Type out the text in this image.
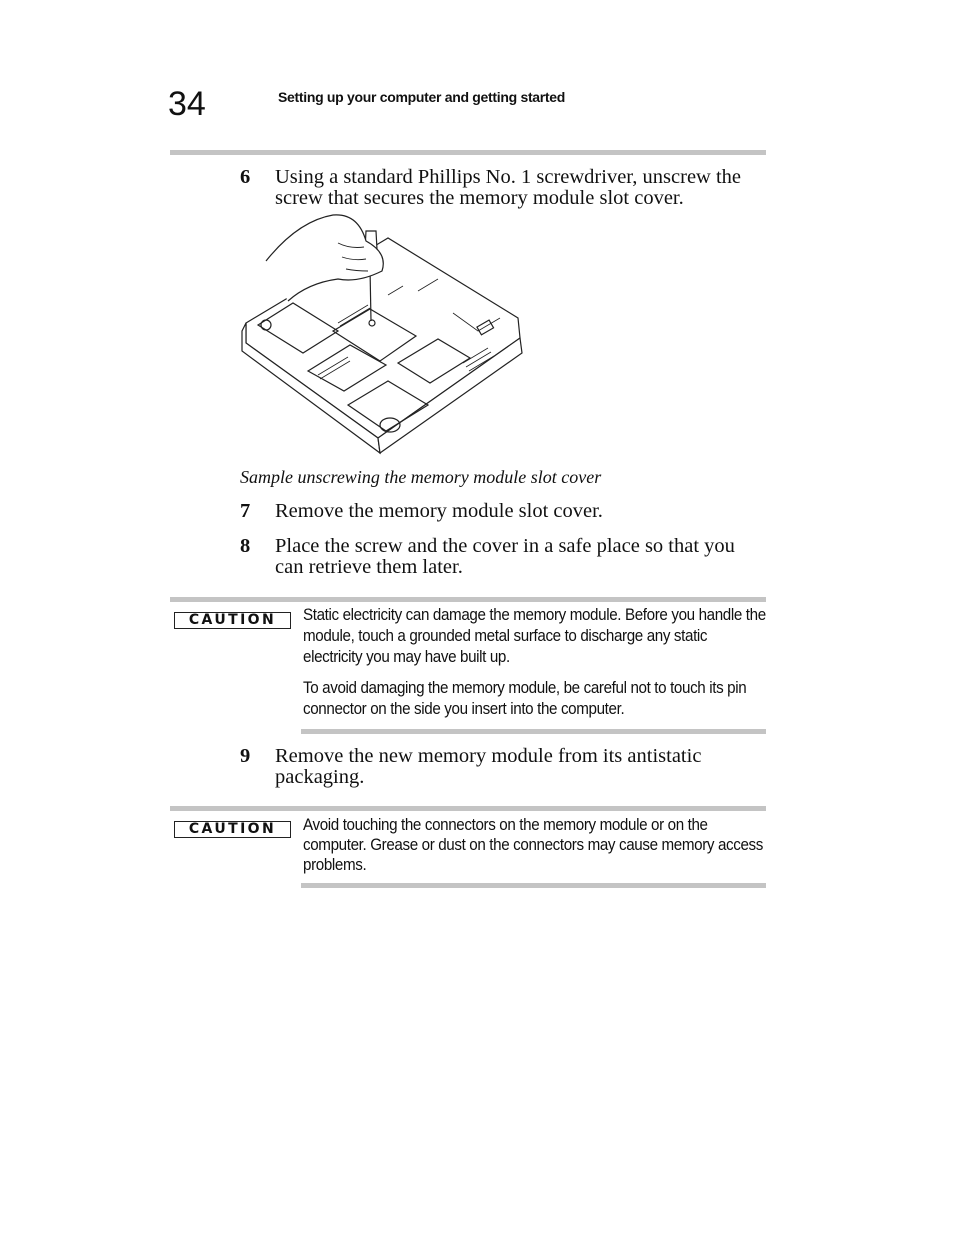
34	Setting up your computer and getting started
6 Using a standard Phillips No. 1 screwdriver, unscrew the screw that secures the memory module slot cover.
Sample unscrewing the memory module slot cover
7 Remove the memory module slot cover.
8 Place the screw and the cover in a safe place so that you can retrieve them later.
CAUTION	Static electricity can damage the memory module. Before you handle the module, touch a grounded metal surface to discharge any static electricity you may have built up.
To avoid damaging the memory module, be careful not to touch its pin connector on the side you insert into the computer.
9 Remove the new memory module from its antistatic packaging.
CAUTION	Avoid touching the connectors on the memory module or on the computer. Grease or dust on the connectors may cause memory access problems.
